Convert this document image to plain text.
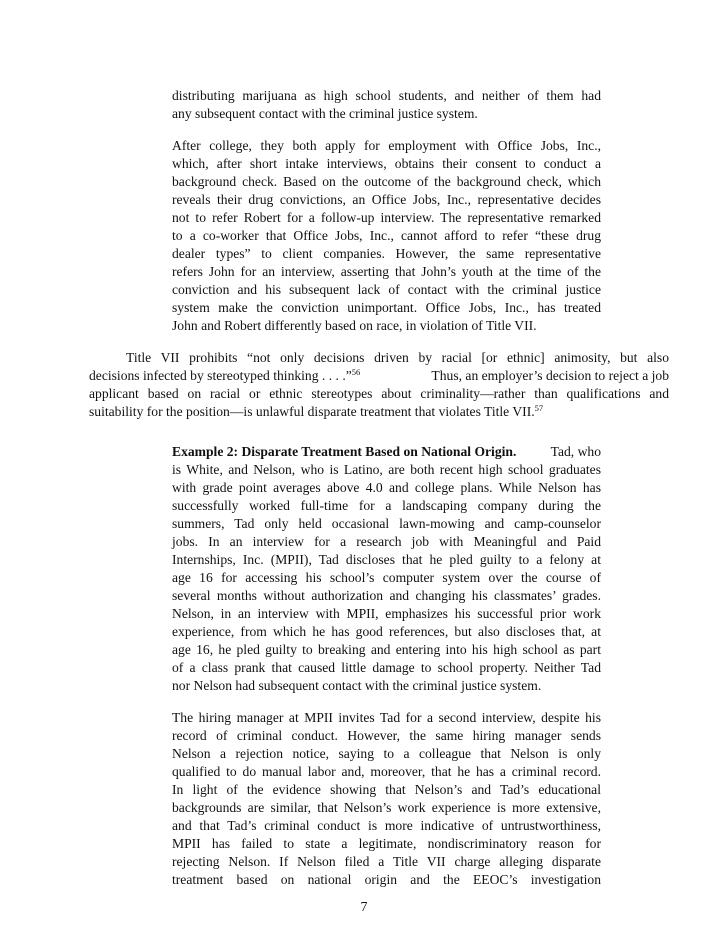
distributing marijuana as high school students, and neither of them had
any subsequent contact with the criminal justice system.
After college, they both apply for employment with Office Jobs, Inc.,
which, after short intake interviews, obtains their consent to conduct a
background check. Based on the outcome of the background check, which
reveals their drug convictions, an Office Jobs, Inc., representative decides
not to refer Robert for a follow-up interview. The representative remarked
to a co-worker that Office Jobs, Inc., cannot afford to refer “these drug
dealer types” to client companies. However, the same representative
refers John for an interview, asserting that John’s youth at the time of the
conviction and his subsequent lack of contact with the criminal justice
system make the conviction unimportant. Office Jobs, Inc., has treated
John and Robert differently based on race, in violation of Title VII.
Title VII prohibits “not only decisions driven by racial [or ethnic] animosity, but also
decisions infected by stereotyped thinking . . . .”$^{56}$	Thus, an employer’s decision to reject a job
applicant based on racial or ethnic stereotypes about criminality—rather than qualifications and
suitability for the position—is unlawful disparate treatment that violates Title VII.$^{57}$
Example 2: Disparate Treatment Based on National Origin. Tad, who
is White, and Nelson, who is Latino, are both recent high school graduates
with grade point averages above 4.0 and college plans. While Nelson has
successfully worked full-time for a landscaping company during the
summers, Tad only held occasional lawn-mowing and camp-counselor
jobs. In an interview for a research job with Meaningful and Paid
Internships, Inc. (MPII), Tad discloses that he pled guilty to a felony at
age 16 for accessing his school’s computer system over the course of
several months without authorization and changing his classmates’ grades.
Nelson, in an interview with MPII, emphasizes his successful prior work
experience, from which he has good references, but also discloses that, at
age 16, he pled guilty to breaking and entering into his high school as part
of a class prank that caused little damage to school property. Neither Tad
nor Nelson had subsequent contact with the criminal justice system.
The hiring manager at MPII invites Tad for a second interview, despite his
record of criminal conduct. However, the same hiring manager sends
Nelson a rejection notice, saying to a colleague that Nelson is only
qualified to do manual labor and, moreover, that he has a criminal record.
In light of the evidence showing that Nelson’s and Tad’s educational
backgrounds are similar, that Nelson’s work experience is more extensive,
and that Tad’s criminal conduct is more indicative of untrustworthiness,
MPII has failed to state a legitimate, nondiscriminatory reason for
rejecting Nelson. If Nelson filed a Title VII charge alleging disparate
treatment based on national origin and the EEOC’s investigation
7
